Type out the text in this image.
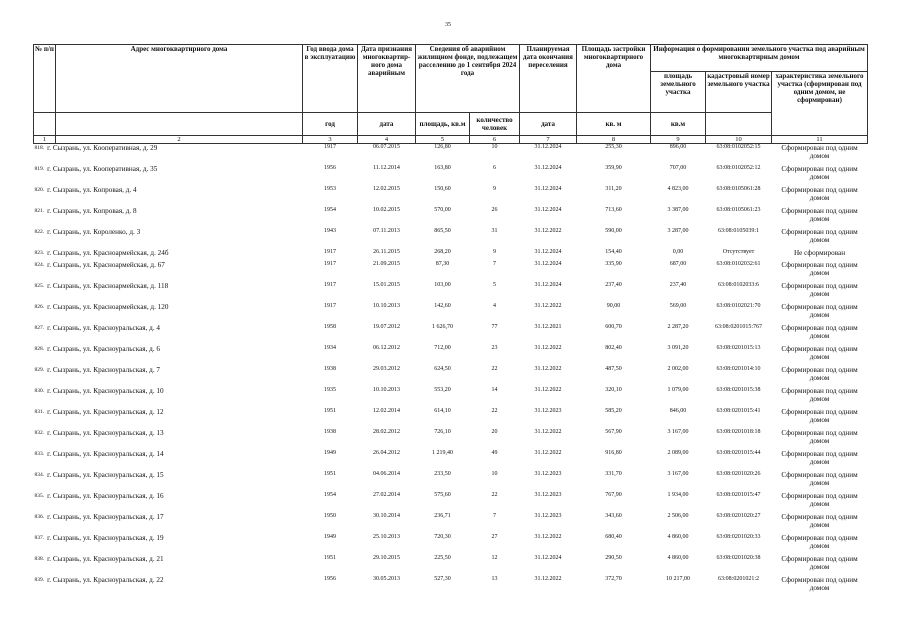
35
№ п/п	Адрес многоквартирного дома	Год ввода дома в эксплуатацию	Дата признания многоквартир-ного дома аварийным	Сведения об аварийном жилищном фонде, подлежащем расселению до 1 сентября 2024 года		Планируемая дата окончания переселения	Площадь застройки многоквартирного дома	Информация о формировании земельного участка под аварийным многоквартирным домом		
								площадь земельного участка	кадастровый номер земельного участка	характеристика земельного участка (сформирован под одним домом, не сформирован)
		год	дата	площадь, кв.м	количество человек	дата	кв. м	кв.м		
1	2	3	4	5	6	7	8	9	10	11
$^{818.}$ г. Сызрань, ул. Кооперативная, д. 29		1917	06.07.2015	126,80	10	31.12.2024	255,30	896,00	63:08:0102052:15	Сформирован под одним домом
$^{819.}$ г. Сызрань, ул. Кооперативная, д. 35		1956	11.12.2014	163,80	6	31.12.2024	359,90	707,00	63:08:0102052:12	Сформирован под одним домом
$^{820.}$ г. Сызрань, ул. Копровая, д. 4		1953	12.02.2015	150,60	9	31.12.2024	311,20	4 823,00	63:08:0105061:28	Сформирован под одним домом
$^{821.}$ г. Сызрань, ул. Копровая, д. 8		1954	10.02.2015	570,00	26	31.12.2024	713,60	3 387,00	63:08:0105061:23	Сформирован под одним домом
$^{822.}$ г. Сызрань, ул. Короленко, д. 3		1943	07.11.2013	865,50	31	31.12.2022	590,00	3 287,00	63:08:0105039:1	Сформирован под одним домом
$^{823.}$ г. Сызрань, ул. Красноармейская, д. 24б		1917	26.11.2015	268,20	9	31.12.2024	154,40	0,00	Отсутствует	Не сформирован
$^{824.}$ г. Сызрань, ул. Красноармейская, д. 67		1917	21.09.2015	87,30	7	31.12.2024	335,90	687,00	63:08:0102032:61	Сформирован под одним домом
$^{825.}$ г. Сызрань, ул. Красноармейская, д. 118		1917	15.01.2015	103,00	5	31.12.2024	237,40	237,40	63:08:0102033:6	Сформирован под одним домом
$^{826.}$ г. Сызрань, ул. Красноармейская, д. 120		1917	10.10.2013	142,60	4	31.12.2022	90,00	569,00	63:08:0102021:70	Сформирован под одним домом
$^{827.}$ г. Сызрань, ул. Красноуральская, д. 4		1958	19.07.2012	1 626,70	77	31.12.2021	600,70	2 287,20	63:08:0201015:767	Сформирован под одним домом
$^{828.}$ г. Сызрань, ул. Красноуральская, д. 6		1934	06.12.2012	712,00	23	31.12.2022	802,40	3 091,20	63:08:0201015:13	Сформирован под одним домом
$^{829.}$ г. Сызрань, ул. Красноуральская, д. 7		1938	29.03.2012	624,50	22	31.12.2022	487,50	2 002,00	63:08:0201014:10	Сформирован под одним домом
$^{830.}$ г. Сызрань, ул. Красноуральская, д. 10		1935	10.10.2013	553,20	14	31.12.2022	320,10	1 079,00	63:08:0201015:38	Сформирован под одним домом
$^{831.}$ г. Сызрань, ул. Красноуральская, д. 12		1951	12.02.2014	614,10	22	31.12.2023	585,20	846,00	63:08:0201015:41	Сформирован под одним домом
$^{832.}$ г. Сызрань, ул. Красноуральская, д. 13		1938	28.02.2012	726,10	20	31.12.2022	567,90	3 167,00	63:08:0201018:18	Сформирован под одним домом
$^{833.}$ г. Сызрань, ул. Красноуральская, д. 14		1949	26.04.2012	1 219,40	49	31.12.2022	916,80	2 089,00	63:08:0201015:44	Сформирован под одним домом
$^{834.}$ г. Сызрань, ул. Красноуральская, д. 15		1951	04.06.2014	233,50	10	31.12.2023	331,70	3 167,00	63:08:0201020:26	Сформирован под одним домом
$^{835.}$ г. Сызрань, ул. Красноуральская, д. 16		1954	27.02.2014	575,60	22	31.12.2023	767,90	1 934,00	63:08:0201015:47	Сформирован под одним домом
$^{836.}$ г. Сызрань, ул. Красноуральская, д. 17		1950	30.10.2014	236,71	7	31.12.2023	343,60	2 506,00	63:08:0201020:27	Сформирован под одним домом
$^{837.}$ г. Сызрань, ул. Красноуральская, д. 19		1949	25.10.2013	720,30	27	31.12.2022	680,40	4 860,00	63:08:0201020:33	Сформирован под одним домом
$^{838.}$ г. Сызрань, ул. Красноуральская, д. 21		1951	29.10.2015	225,50	12	31.12.2024	290,50	4 860,00	63:08:0201020:38	Сформирован под одним домом
$^{839.}$ г. Сызрань, ул. Красноуральская, д. 22		1956	30.05.2013	527,30	13	31.12.2022	372,70	10 217,00	63:08:0201021:2	Сформирован под одним домом
